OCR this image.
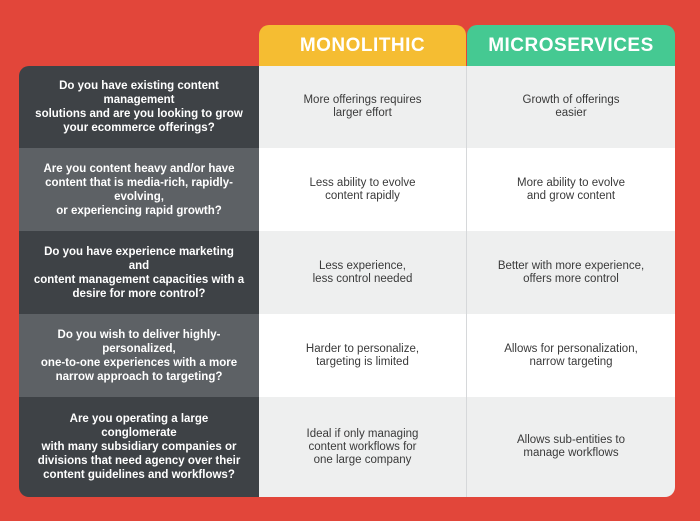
MONOLITHIC	MICROSERVICES
Do you have existing content management
solutions and are you looking to grow
your ecommerce offerings?
More offerings requires
larger effort
Growth of offerings
easier
Are you content heavy and/or have
content that is media-rich, rapidly-evolving,
or experiencing rapid growth?
Less ability to evolve
content rapidly
More ability to evolve
and grow content
Do you have experience marketing and
content management capacities with a
desire for more control?
Less experience,
less control needed
Better with more experience,
offers more control
Do you wish to deliver highly-personalized,
one-to-one experiences with a more
narrow approach to targeting?
Harder to personalize,
targeting is limited
Allows for personalization,
narrow targeting
Are you operating a large conglomerate
with many subsidiary companies or
divisions that need agency over their
content guidelines and workflows?
Ideal if only managing
content workflows for
one large company
Allows sub-entities to
manage workflows
